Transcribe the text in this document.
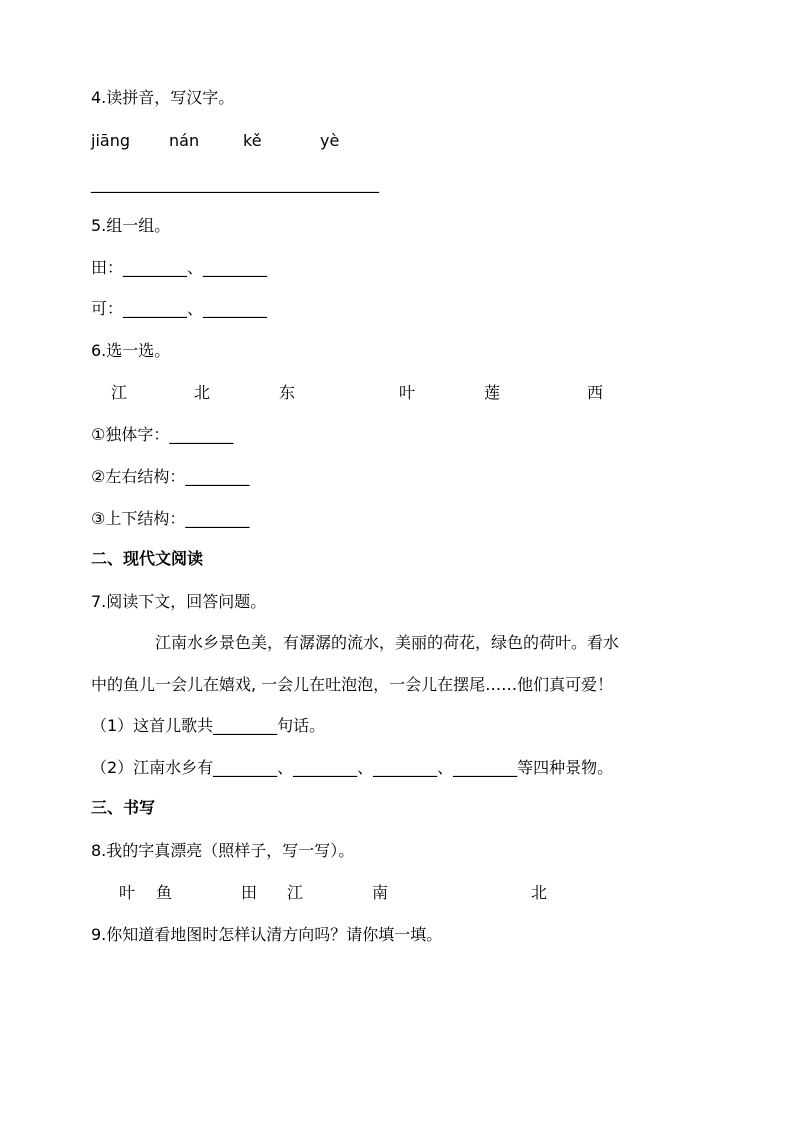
4.读拼音，写汉字。
jiāng nán	kě	yè
____________________________________
5.组一组。
田：________、________
可：________、________
6.选一选。
江	北	东	叶	莲	西
①独体字：________
②左右结构：________
③上下结构：________
二、现代文阅读
7.阅读下文，回答问题。
江南水乡景色美，有潺潺的流水，美丽的荷花，绿色的荷叶。看水
中的鱼儿一会儿在嬉戏, 一会儿在吐泡泡，一会儿在摆尾……他们真可爱！
（1）这首儿歌共________句话。
（2）江南水乡有________、________、________、________等四种景物。
三、书写
8.我的字真漂亮（照样子，写一写）。
叶 鱼	田 江	南	北
9.你知道看地图时怎样认清方向吗？请你填一填。
